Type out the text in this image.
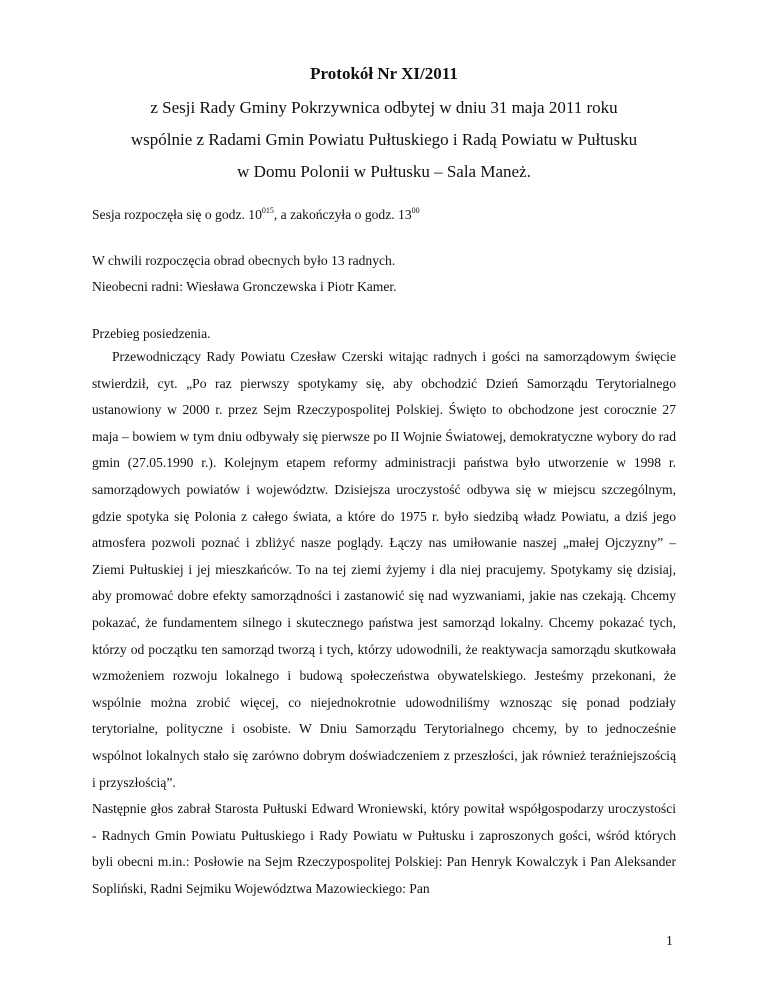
Protokół Nr XI/2011

z Sesji Rady Gminy Pokrzywnica odbytej w dniu 31 maja 2011 roku

wspólnie z Radami Gmin Powiatu Pułtuskiego i Radą Powiatu w Pułtusku

w Domu Polonii w Pułtusku – Sala Maneż.

Sesja rozpoczęła się o godz. $10^{015}$, a zakończyła o godz. $13^{00}$
W chwili rozpoczęcia obrad obecnych było 13 radnych.
Nieobecni radni: Wiesława Gronczewska i Piotr Kamer.
Przebieg posiedzenia.

Przewodniczący Rady Powiatu Czesław Czerski witając radnych i gości na samorządowym święcie stwierdził, cyt. „Po raz pierwszy spotykamy się, aby obchodzić Dzień Samorządu Terytorialnego ustanowiony w 2000 r. przez Sejm Rzeczypospolitej Polskiej. Święto to obchodzone jest corocznie 27 maja – bowiem w tym dniu odbywały się pierwsze po II Wojnie Światowej, demokratyczne wybory do rad gmin (27.05.1990 r.). Kolejnym etapem reformy administracji państwa było utworzenie w 1998 r. samorządowych powiatów i województw. Dzisiejsza uroczystość odbywa się w miejscu szczególnym, gdzie spotyka się Polonia z całego świata, a które do 1975 r. było siedzibą władz Powiatu, a dziś jego atmosfera pozwoli poznać i zbliżyć nasze poglądy. Łączy nas umiłowanie naszej „małej Ojczyzny” – Ziemi Pułtuskiej i jej mieszkańców. To na tej ziemi żyjemy i dla niej pracujemy. Spotykamy się dzisiaj, aby promować dobre efekty samorządności i zastanowić się nad wyzwaniami, jakie nas czekają. Chcemy pokazać, że fundamentem silnego i skutecznego państwa jest samorząd lokalny. Chcemy pokazać tych, którzy od początku ten samorząd tworzą i tych, którzy udowodnili, że reaktywacja samorządu skutkowała wzmożeniem rozwoju lokalnego i budową społeczeństwa obywatelskiego. Jesteśmy przekonani, że wspólnie można zrobić więcej, co niejednokrotnie udowodniliśmy wznosząc się ponad podziały terytorialne, polityczne i osobiste. W Dniu Samorządu Terytorialnego chcemy, by to jednocześnie wspólnot lokalnych stało się zarówno dobrym doświadczeniem z przeszłości, jak również teraźniejszością i przyszłością”.

Następnie głos zabrał Starosta Pułtuski Edward Wroniewski, który powitał współgospodarzy uroczystości - Radnych Gmin Powiatu Pułtuskiego i Rady Powiatu w Pułtusku i zaproszonych gości, wśród których byli obecni m.in.: Posłowie na Sejm Rzeczypospolitej Polskiej: Pan Henryk Kowalczyk i Pan Aleksander Sopliński, Radni Sejmiku Województwa Mazowieckiego: Pan

1
